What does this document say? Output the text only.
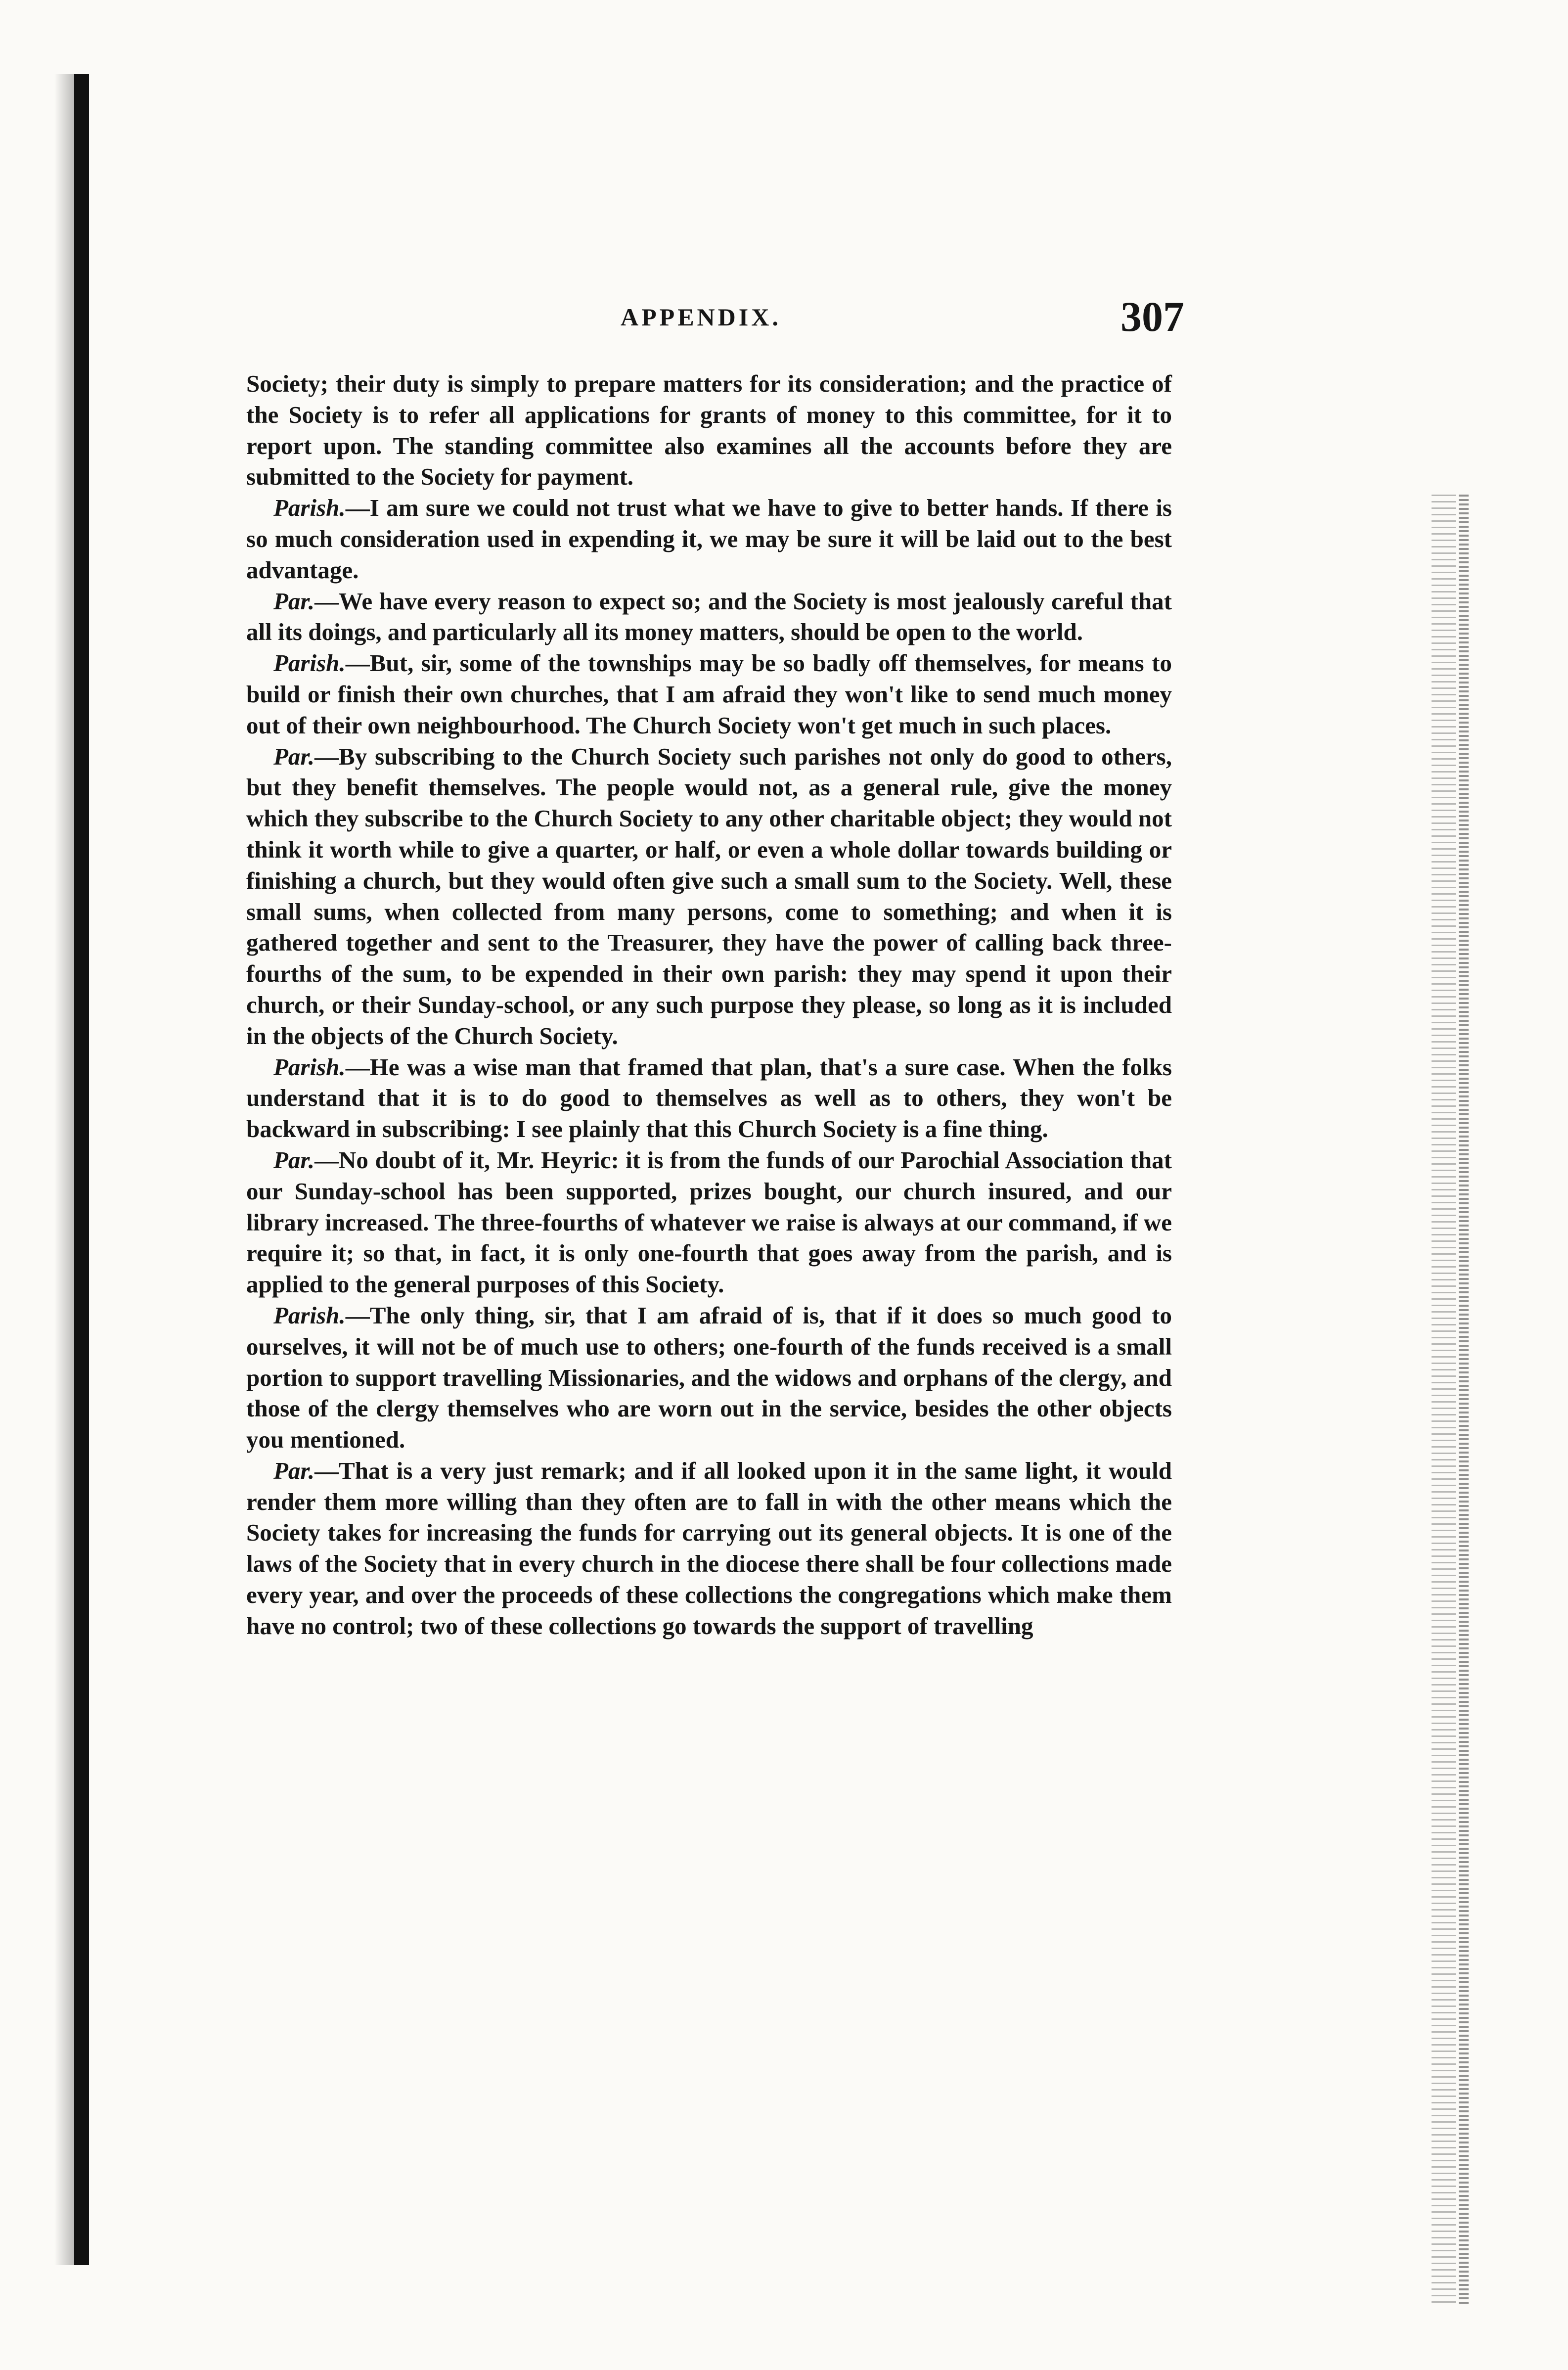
APPENDIX.	307

Society; their duty is simply to prepare matters for its consideration; and the practice of the Society is to refer all applications for grants of money to this committee, for it to report upon. The standing committee also examines all the accounts before they are submitted to the Society for payment.

Parish.—I am sure we could not trust what we have to give to better hands. If there is so much consideration used in expending it, we may be sure it will be laid out to the best advantage.

Par.—We have every reason to expect so; and the Society is most jealously careful that all its doings, and particularly all its money matters, should be open to the world.

Parish.—But, sir, some of the townships may be so badly off themselves, for means to build or finish their own churches, that I am afraid they won't like to send much money out of their own neighbourhood. The Church Society won't get much in such places.

Par.—By subscribing to the Church Society such parishes not only do good to others, but they benefit themselves. The people would not, as a general rule, give the money which they subscribe to the Church Society to any other charitable object; they would not think it worth while to give a quarter, or half, or even a whole dollar towards building or finishing a church, but they would often give such a small sum to the Society. Well, these small sums, when collected from many persons, come to something; and when it is gathered together and sent to the Treasurer, they have the power of calling back three-fourths of the sum, to be expended in their own parish: they may spend it upon their church, or their Sunday-school, or any such purpose they please, so long as it is included in the objects of the Church Society.

Parish.—He was a wise man that framed that plan, that's a sure case. When the folks understand that it is to do good to themselves as well as to others, they won't be backward in subscribing: I see plainly that this Church Society is a fine thing.

Par.—No doubt of it, Mr. Heyric: it is from the funds of our Parochial Association that our Sunday-school has been supported, prizes bought, our church insured, and our library increased. The three-fourths of whatever we raise is always at our command, if we require it; so that, in fact, it is only one-fourth that goes away from the parish, and is applied to the general purposes of this Society.

Parish.—The only thing, sir, that I am afraid of is, that if it does so much good to ourselves, it will not be of much use to others; one-fourth of the funds received is a small portion to support travelling Missionaries, and the widows and orphans of the clergy, and those of the clergy themselves who are worn out in the service, besides the other objects you mentioned.

Par.—That is a very just remark; and if all looked upon it in the same light, it would render them more willing than they often are to fall in with the other means which the Society takes for increasing the funds for carrying out its general objects. It is one of the laws of the Society that in every church in the diocese there shall be four collections made every year, and over the proceeds of these collections the congregations which make them have no control; two of these collections go towards the support of travelling
